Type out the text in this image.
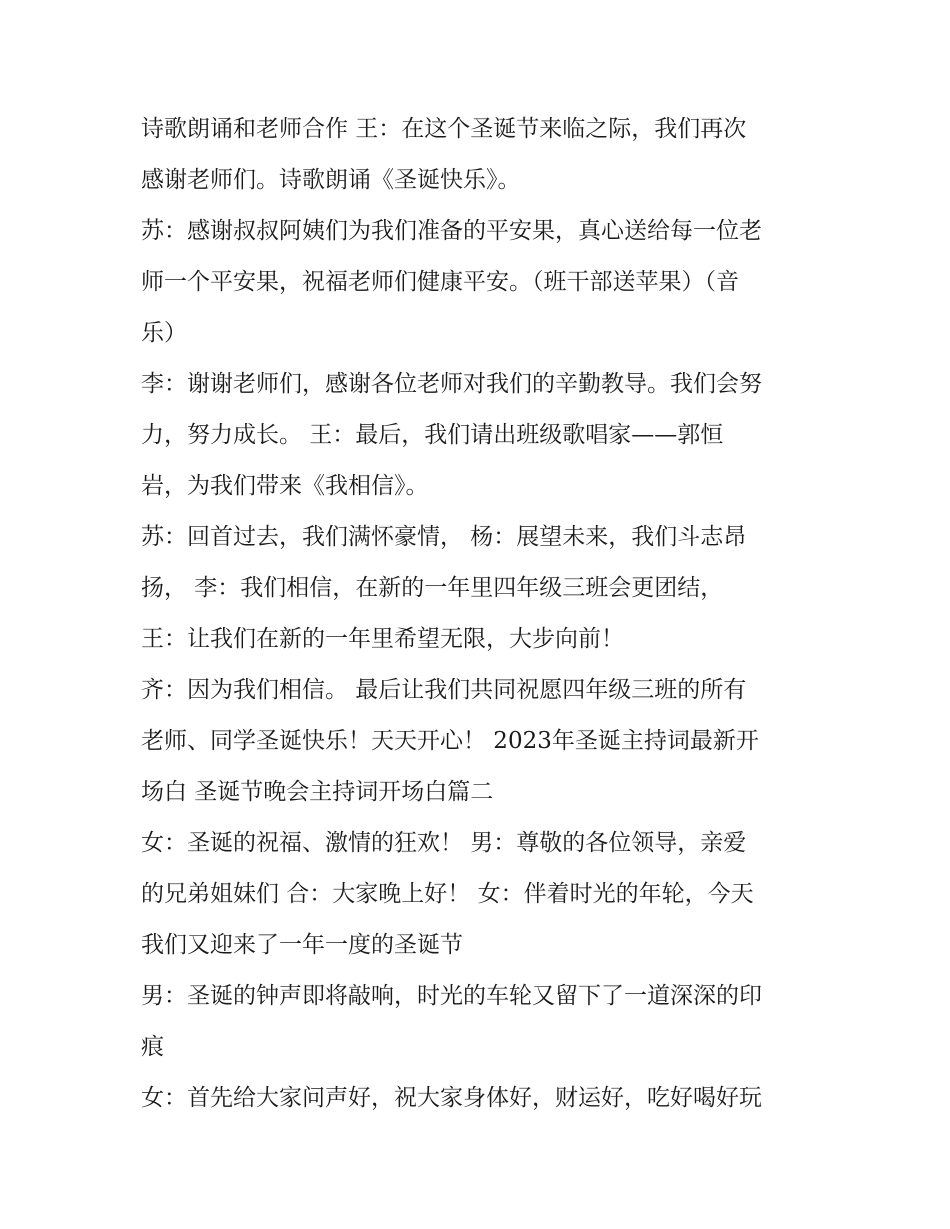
诗歌朗诵和老师合作 王：在这个圣诞节来临之际，我们再次
感谢老师们。诗歌朗诵《圣诞快乐》。
苏：感谢叔叔阿姨们为我们准备的平安果，真心送给每一位老
师一个平安果，祝福老师们健康平安。（班干部送苹果）（音
乐）
李：谢谢老师们，感谢各位老师对我们的辛勤教导。我们会努
力，努力成长。 王：最后，我们请出班级歌唱家——郭恒
岩，为我们带来《我相信》。
苏：回首过去，我们满怀豪情， 杨：展望未来，我们斗志昂
扬， 李：我们相信，在新的一年里四年级三班会更团结，
王：让我们在新的一年里希望无限，大步向前！
齐：因为我们相信。 最后让我们共同祝愿四年级三班的所有
老师、同学圣诞快乐！天天开心！ 2023年圣诞主持词最新开
场白 圣诞节晚会主持词开场白篇二
女：圣诞的祝福、激情的狂欢！ 男：尊敬的各位领导，亲爱
的兄弟姐妹们 合：大家晚上好！ 女：伴着时光的年轮，今天
我们又迎来了一年一度的圣诞节
男：圣诞的钟声即将敲响，时光的车轮又留下了一道深深的印
痕
女：首先给大家问声好，祝大家身体好，财运好，吃好喝好玩
